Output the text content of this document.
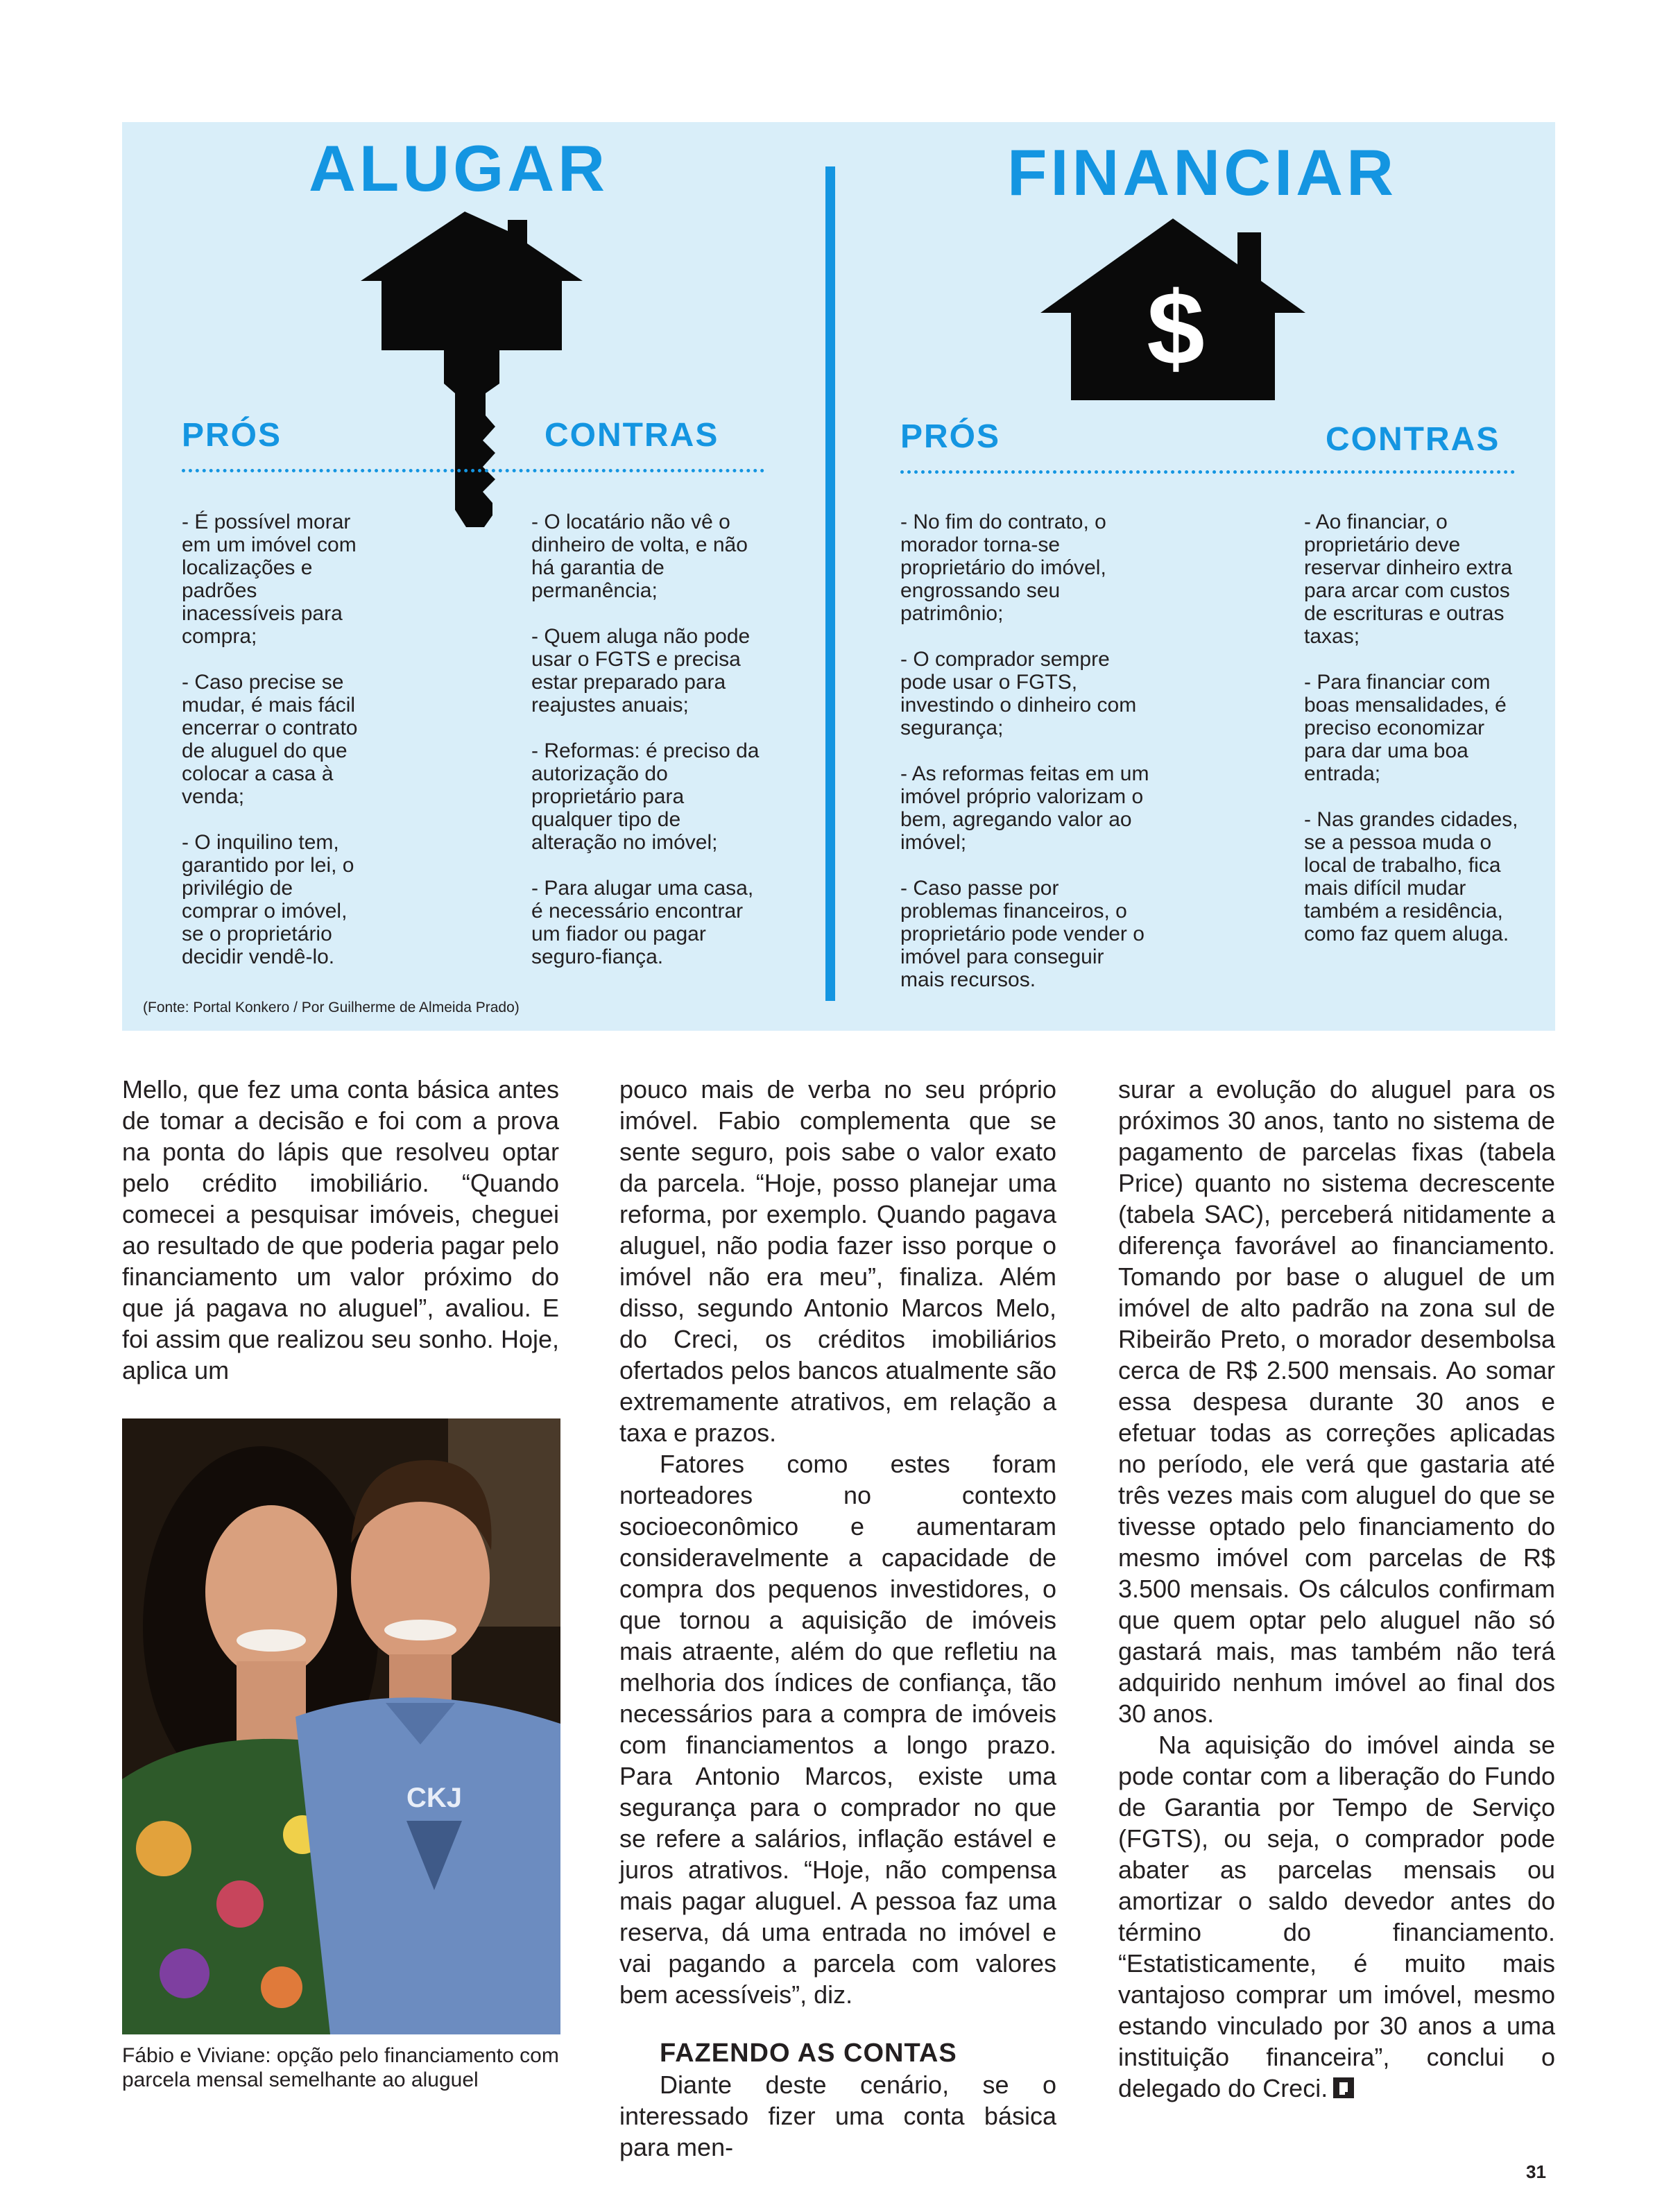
ALUGAR	FINANCIAR
$
PRÓS	CONTRAS	PRÓS	CONTRAS

- É possível morar em um imóvel com localizações e padrões inacessíveis para compra;

- Caso precise se mudar, é mais fácil encerrar o contrato de aluguel do que colocar a casa à venda;

- O inquilino tem, garantido por lei, o privilégio de comprar o imóvel, se o proprietário decidir vendê-lo.

- O locatário não vê o dinheiro de volta, e não há garantia de permanência;

- Quem aluga não pode usar o FGTS e precisa estar preparado para reajustes anuais;

- Reformas: é preciso da autorização do proprietário para qualquer tipo de alteração no imóvel;

- Para alugar uma casa, é necessário encontrar um fiador ou pagar seguro-fiança.

- No fim do contrato, o morador torna-se proprietário do imóvel, engrossando seu patrimônio;

- O comprador sempre pode usar o FGTS, investindo o dinheiro com segurança;

- As reformas feitas em um imóvel próprio valorizam o bem, agregando valor ao imóvel;

- Caso passe por problemas financeiros, o proprietário pode vender o imóvel para conseguir mais recursos.

- Ao financiar, o proprietário deve reservar dinheiro extra para arcar com custos de escrituras e outras taxas;

- Para financiar com boas mensalidades, é preciso economizar para dar uma boa entrada;

- Nas grandes cidades, se a pessoa muda o local de trabalho, fica mais difícil mudar também a residência, como faz quem aluga.

(Fonte: Portal Konkero / Por Guilherme de Almeida Prado)

Mello, que fez uma conta básica antes de tomar a decisão e foi com a prova na ponta do lápis que resolveu optar pelo crédito imobiliário. “Quando comecei a pesquisar imóveis, cheguei ao resultado de que poderia pagar pelo financiamento um valor próximo do que já pagava no aluguel”, avaliou. E foi assim que realizou seu sonho. Hoje, aplica um

pouco mais de verba no seu próprio imóvel. Fabio complementa que se sente seguro, pois sabe o valor exato da parcela. “Hoje, posso planejar uma reforma, por exemplo. Quando pagava aluguel, não podia fazer isso porque o imóvel não era meu”, finaliza. Além disso, segundo Antonio Marcos Melo, do Creci, os créditos imobiliários ofertados pelos bancos atualmente são extremamente atrativos, em relação a taxa e prazos.

Fatores como estes foram norteadores no contexto socioeconômico e aumentaram consideravelmente a capacidade de compra dos pequenos investidores, o que tornou a aquisição de imóveis mais atraente, além do que refletiu na melhoria dos índices de confiança, tão necessários para a compra de imóveis com financiamentos a longo prazo. Para Antonio Marcos, existe uma segurança para o comprador no que se refere a salários, inflação estável e juros atrativos. “Hoje, não compensa mais pagar aluguel. A pessoa faz uma reserva, dá uma entrada no imóvel e vai pagando a parcela com valores bem acessíveis”, diz.

FAZENDO AS CONTAS

Diante deste cenário, se o interessado fizer uma conta básica para men-

surar a evolução do aluguel para os próximos 30 anos, tanto no sistema de pagamento de parcelas fixas (tabela Price) quanto no sistema decrescente (tabela SAC), perceberá nitidamente a diferença favorável ao financiamento. Tomando por base o aluguel de um imóvel de alto padrão na zona sul de Ribeirão Preto, o morador desembolsa cerca de R$ 2.500 mensais. Ao somar essa despesa durante 30 anos e efetuar todas as correções aplicadas no período, ele verá que gastaria até três vezes mais com aluguel do que se tivesse optado pelo financiamento do mesmo imóvel com parcelas de R$ 3.500 mensais. Os cálculos confirmam que quem optar pelo aluguel não só gastará mais, mas também não terá adquirido nenhum imóvel ao final dos 30 anos.

Na aquisição do imóvel ainda se pode contar com a liberação do Fundo de Garantia por Tempo de Serviço (FGTS), ou seja, o comprador pode abater as parcelas mensais ou amortizar o saldo devedor antes do término do financiamento. “Estatisticamente, é muito mais vantajoso comprar um imóvel, mesmo estando vinculado por 30 anos a uma instituição financeira”, conclui o delegado do Creci.

CKJ
Fábio e Viviane: opção pelo financiamento com parcela mensal semelhante ao aluguel
31
